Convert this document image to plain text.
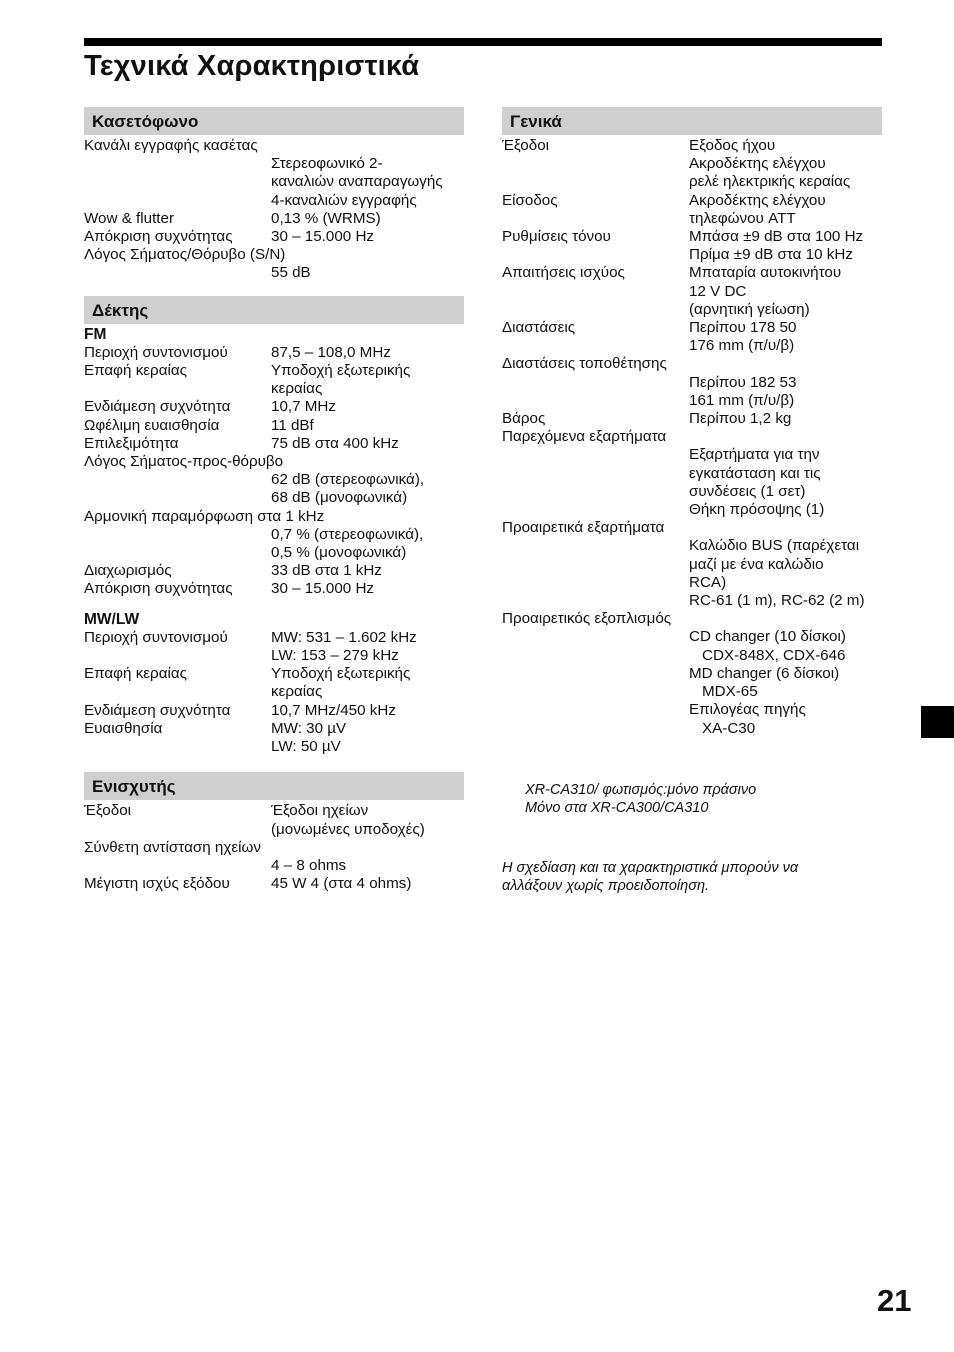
Τεχνικά Χαρακτηριστικά
Κασετόφωνο
Κανάλι εγγραφής κασέτας
Στερεοφωνικό 2-
καναλιών αναπαραγωγής
4-καναλιών εγγραφής
Wow & flutter	0,13 % (WRMS)
Απόκριση συχνότητας	30 – 15.000 Hz
Λόγος Σήματος/Θόρυβο (S/N)
55 dB
Δέκτης
FM
Περιοχή συντονισμού	87,5 – 108,0 MHz
Επαφή κεραίας	Υποδοχή εξωτερικής
κεραίας
Ενδιάμεση συχνότητα	10,7 MHz
Ωφέλιμη ευαισθησία	11 dBf
Επιλεξιμότητα	75 dB στα 400 kHz
Λόγος Σήματος-προς-θόρυβο
62 dB (στερεοφωνικά),
68 dB (μονοφωνικά)
Αρμονική παραμόρφωση στα 1 kHz
0,7 % (στερεοφωνικά),
0,5 % (μονοφωνικά)
Διαχωρισμός	33 dB στα 1 kHz
Απόκριση συχνότητας	30 – 15.000 Hz
MW/LW
Περιοχή συντονισμού	MW: 531 – 1.602 kHz
LW: 153 – 279 kHz
Επαφή κεραίας	Υποδοχή εξωτερικής
κεραίας
Ενδιάμεση συχνότητα	10,7 MHz/450 kHz
Ευαισθησία	MW: 30 µV
LW: 50 µV
Ενισχυτής
Έξοδοι	Έξοδοι ηχείων
(μονωμένες υποδοχές)
Σύνθετη αντίσταση ηχείων
4 – 8 ohms
Μέγιστη ισχύς εξόδου	45 W 4 (στα 4 ohms)
Γενικά
Έξοδοι	Εξοδος ήχου
Ακροδέκτης ελέγχου
ρελέ ηλεκτρικής κεραίας
Είσοδος	Ακροδέκτης ελέγχου
τηλεφώνου ATT
Ρυθμίσεις τόνου	Μπάσα ±9 dB στα 100 Hz
Πρίμα ±9 dB στα 10 kHz
Απαιτήσεις ισχύος	Μπαταρία αυτοκινήτου
12 V DC
(αρνητική γείωση)
Διαστάσεις	Περίπου 178 50
176 mm (π/υ/β)
Διαστάσεις τοποθέτησης
Περίπου 182 53
161 mm (π/υ/β)
Βάρος	Περίπου 1,2 kg
Παρεχόμενα εξαρτήματα
Εξαρτήματα για την
εγκατάσταση και τις
συνδέσεις (1 σετ)
Θήκη πρόσοψης (1)
Προαιρετικά εξαρτήματα
Καλώδιο BUS (παρέχεται
μαζί με ένα καλώδιο
RCA)
RC-61 (1 m), RC-62 (2 m)
Προαιρετικός εξοπλισμός
CD changer (10 δίσκοι)
CDX-848X, CDX-646
MD changer (6 δίσκοι)
MDX-65
Επιλογέας πηγής
XA-C30
XR-CA310/ φωτισμός:μόνο πράσινο
Μόνο στα XR-CA300/CA310
Η σχεδίαση και τα χαρακτηριστικά μπορούν να
αλλάξουν χωρίς προειδοποίηση.
21
